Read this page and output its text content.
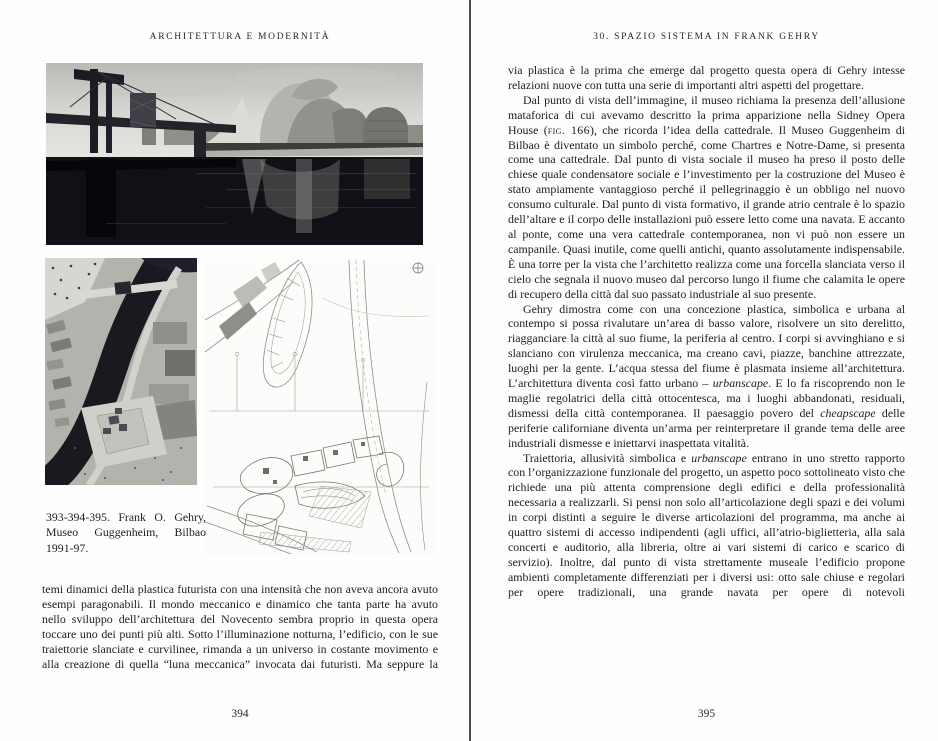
ARCHITETTURA E MODERNITÀ
393-394-395. Frank O. Gehry, Museo Guggenheim, Bilbao 1991-97.

temi dinamici della plastica futurista con una intensità che non aveva ancora avuto esempi paragonabili. Il mondo meccanico e dinamico che tanta parte ha avuto nello sviluppo dell’architettura del Novecento sembra proprio in questa opera toccare uno dei punti più alti. Sotto l’illuminazione notturna, l’edificio, con le sue traiettorie slanciate e curvilinee, rimanda a un universo in costante movimento e alla creazione di quella “luna meccanica” invocata dai futuristi. Ma seppure la

394
30. SPAZIO SISTEMA IN FRANK GEHRY

via plastica è la prima che emerge dal progetto questa opera di Gehry intesse relazioni nuove con tutta una serie di importanti altri aspetti del progettare.

Dal punto di vista dell’immagine, il museo richiama la presenza dell’allusione mataforica di cui avevamo descritto la prima apparizione nella Sidney Opera House (fig. 166), che ricorda l’idea della cattedrale. Il Museo Guggenheim di Bilbao è diventato un simbolo perché, come Chartres e Notre-Dame, si presenta come una cattedrale. Dal punto di vista sociale il museo ha preso il posto delle chiese quale condensatore sociale e l’investimento per la costruzione del Museo è stato ampiamente vantaggioso perché il pellegrinaggio è un obbligo nel nuovo consumo culturale. Dal punto di vista formativo, il grande atrio centrale è lo spazio dell’altare e il corpo delle installazioni può essere letto come una navata. E accanto al ponte, come una vera cattedrale contemporanea, non vi può non essere un campanile. Quasi inutile, come quelli antichi, quanto assolutamente indispensabile. È una torre per la vista che l’architetto realizza come una forcella slanciata verso il cielo che segnala il nuovo museo dal percorso lungo il fiume che calamita le opere di recupero della città dal suo passato industriale al suo presente.

Gehry dimostra come con una concezione plastica, simbolica e urbana al contempo si possa rivalutare un’area di basso valore, risolvere un sito derelitto, riagganciare la città al suo fiume, la periferia al centro. I corpi si avvinghiano e si slanciano con virulenza meccanica, ma creano cavi, piazze, banchine attrezzate, luoghi per la gente. L’acqua stessa del fiume è plasmata insieme all’architettura. L’architettura diventa così fatto urbano – urbanscape. E lo fa riscoprendo non le maglie regolatrici della città ottocentesca, ma i luoghi abbandonati, residuali, dismessi della città contemporanea. Il paesaggio povero del cheapscape delle periferie californiane diventa un’arma per reinterpretare il grande tema delle aree industriali dismesse e iniettarvi inaspettata vitalità.

Traiettoria, allusività simbolica e urbanscape entrano in uno stretto rapporto con l’organizzazione funzionale del progetto, un aspetto poco sottolineato visto che richiede una più attenta comprensione degli edifici e della professionalità necessaria a realizzarli. Si pensi non solo all’articolazione degli spazi e dei volumi in corpi distinti a seguire le diverse articolazioni del programma, ma anche ai quattro sistemi di accesso indipendenti (agli uffici, all’atrio-biglietteria, alla sala concerti e auditorio, alla libreria, oltre ai vari sistemi di carico e scarico di servizio). Inoltre, dal punto di vista strettamente museale l’edificio propone ambienti completamente differenziati per i diversi usi: otto sale chiuse e regolari per opere tradizionali, una grande navata per opere di notevoli

395
